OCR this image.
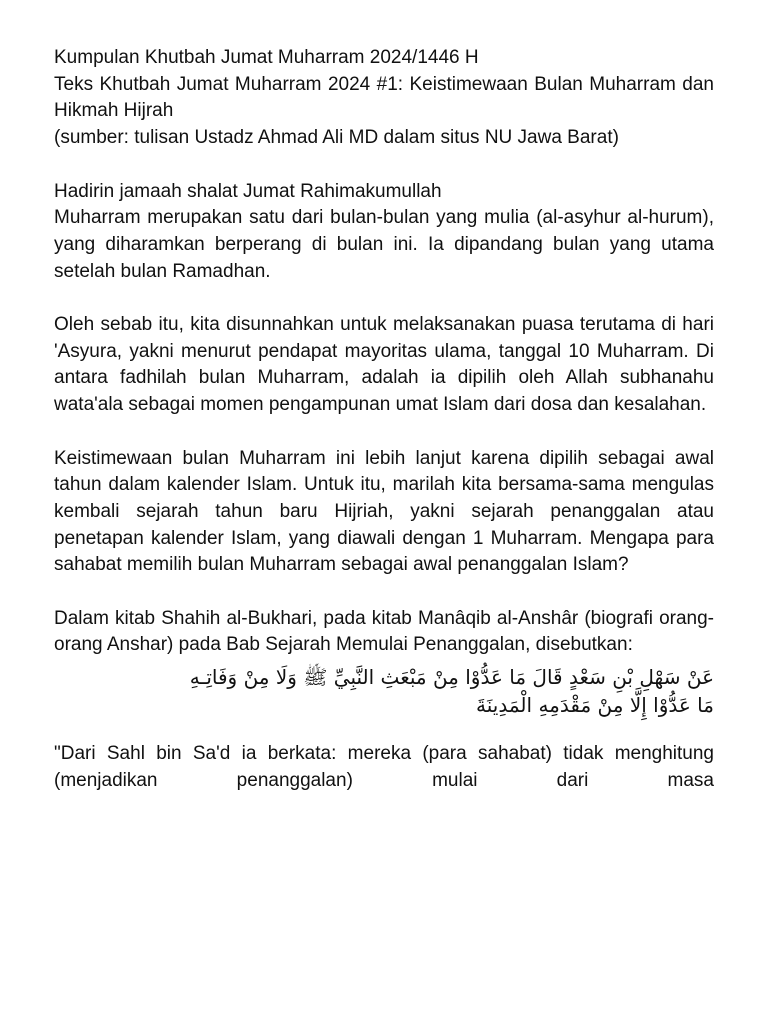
Kumpulan Khutbah Jumat Muharram 2024/1446 H

Teks Khutbah Jumat Muharram 2024 #1: Keistimewaan Bulan Muharram dan Hikmah Hijrah

(sumber: tulisan Ustadz Ahmad Ali MD dalam situs NU Jawa Barat)

Hadirin jamaah shalat Jumat Rahimakumullah

Muharram merupakan satu dari bulan-bulan yang mulia (al-asyhur al-hurum), yang diharamkan berperang di bulan ini. Ia dipandang bulan yang utama setelah bulan Ramadhan.

Oleh sebab itu, kita disunnahkan untuk melaksanakan puasa terutama di hari 'Asyura, yakni menurut pendapat mayoritas ulama, tanggal 10 Muharram. Di antara fadhilah bulan Muharram, adalah ia dipilih oleh Allah subhanahu wata'ala sebagai momen pengampunan umat Islam dari dosa dan kesalahan.

Keistimewaan bulan Muharram ini lebih lanjut karena dipilih sebagai awal tahun dalam kalender Islam. Untuk itu, marilah kita bersama-sama mengulas kembali sejarah tahun baru Hijriah, yakni sejarah penanggalan atau penetapan kalender Islam, yang diawali dengan 1 Muharram. Mengapa para sahabat memilih bulan Muharram sebagai awal penanggalan Islam?

Dalam kitab Shahih al-Bukhari, pada kitab Manâqib al-Anshâr (biografi orang-orang Anshar) pada Bab Sejarah Memulai Penanggalan, disebutkan:

عَنْ سَهْلِ بْنِ سَعْدٍ قَالَ مَا عَدُّوْا مِنْ مَبْعَثِ النَّبِيِّ ﷺ وَلَا مِنْ وَفَاتِـهِ
مَا عَدُّوْا إِلَّا مِنْ مَقْدَمِهِ الْمَدِينَةَ

"Dari Sahl bin Sa'd ia berkata: mereka (para sahabat) tidak menghitung (menjadikan penanggalan) mulai dari masa
